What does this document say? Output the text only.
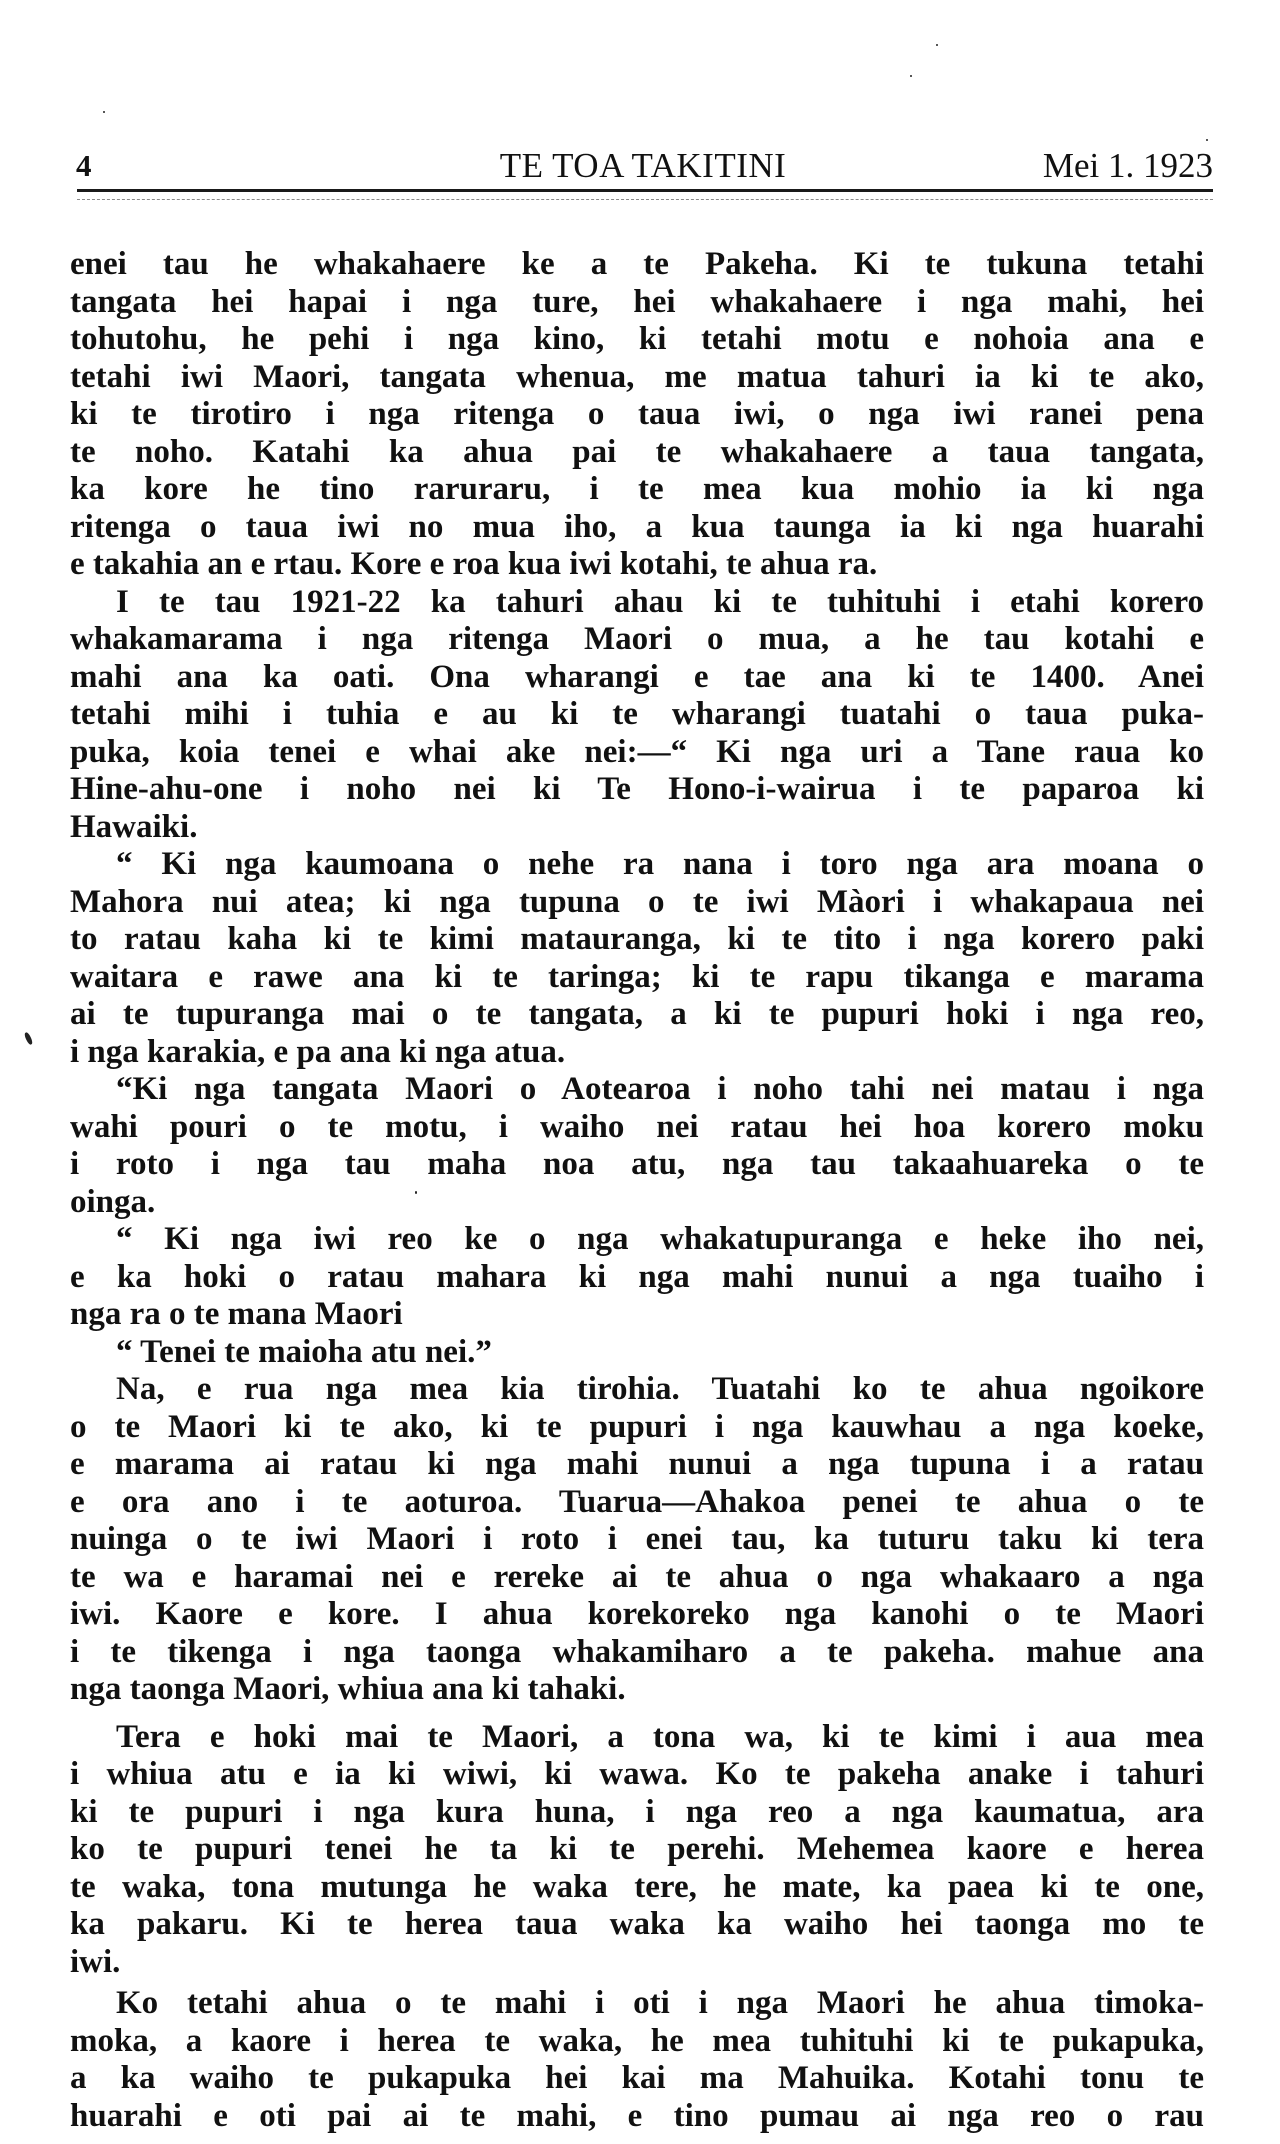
4	TE TOA TAKITINI	Mei 1. 1923
enei tau he whakahaere ke a te Pakeha. Ki te tukuna tetahi
tangata hei hapai i nga ture, hei whakahaere i nga mahi, hei
tohutohu, he pehi i nga kino, ki tetahi motu e nohoia ana e
tetahi iwi Maori, tangata whenua, me matua tahuri ia ki te ako,
ki te tirotiro i nga ritenga o taua iwi, o nga iwi ranei pena
te noho. Katahi ka ahua pai te whakahaere a taua tangata,
ka kore he tino raruraru, i te mea kua mohio ia ki nga
ritenga o taua iwi no mua iho, a kua taunga ia ki nga huarahi
e takahia an e rtau. Kore e roa kua iwi kotahi, te ahua ra.
I te tau 1921-22 ka tahuri ahau ki te tuhituhi i etahi korero
whakamarama i nga ritenga Maori o mua, a he tau kotahi e
mahi ana ka oati. Ona wharangi e tae ana ki te 1400. Anei
tetahi mihi i tuhia e au ki te wharangi tuatahi o taua puka-
puka, koia tenei e whai ake nei:—“ Ki nga uri a Tane raua ko
Hine-ahu-one i noho nei ki Te Hono-i-wairua i te paparoa ki
Hawaiki.
“ Ki nga kaumoana o nehe ra nana i toro nga ara moana o
Mahora nui atea; ki nga tupuna o te iwi Màori i whakapaua nei
to ratau kaha ki te kimi matauranga, ki te tito i nga korero paki
waitara e rawe ana ki te taringa; ki te rapu tikanga e marama
ai te tupuranga mai o te tangata, a ki te pupuri hoki i nga reo,
i nga karakia, e pa ana ki nga atua.
“Ki nga tangata Maori o Aotearoa i noho tahi nei matau i nga
wahi pouri o te motu, i waiho nei ratau hei hoa korero moku
i roto i nga tau maha noa atu, nga tau takaahuareka o te
oinga.
“ Ki nga iwi reo ke o nga whakatupuranga e heke iho nei,
e ka hoki o ratau mahara ki nga mahi nunui a nga tuaiho i
nga ra o te mana Maori
“ Tenei te maioha atu nei.”
Na, e rua nga mea kia tirohia. Tuatahi ko te ahua ngoikore
o te Maori ki te ako, ki te pupuri i nga kauwhau a nga koeke,
e marama ai ratau ki nga mahi nunui a nga tupuna i a ratau
e ora ano i te aoturoa. Tuarua—Ahakoa penei te ahua o te
nuinga o te iwi Maori i roto i enei tau, ka tuturu taku ki tera
te wa e haramai nei e rereke ai te ahua o nga whakaaro a nga
iwi. Kaore e kore. I ahua korekoreko nga kanohi o te Maori
i te tikenga i nga taonga whakamiharo a te pakeha. mahue ana
nga taonga Maori, whiua ana ki tahaki.
Tera e hoki mai te Maori, a tona wa, ki te kimi i aua mea
i whiua atu e ia ki wiwi, ki wawa. Ko te pakeha anake i tahuri
ki te pupuri i nga kura huna, i nga reo a nga kaumatua, ara
ko te pupuri tenei he ta ki te perehi. Mehemea kaore e herea
te waka, tona mutunga he waka tere, he mate, ka paea ki te one,
ka pakaru. Ki te herea taua waka ka waiho hei taonga mo te
iwi.
Ko tetahi ahua o te mahi i oti i nga Maori he ahua timoka-
moka, a kaore i herea te waka, he mea tuhituhi ki te pukapuka,
a ka waiho te pukapuka hei kai ma Mahuika. Kotahi tonu te
huarahi e oti pai ai te mahi, e tino pumau ai nga reo o rau
